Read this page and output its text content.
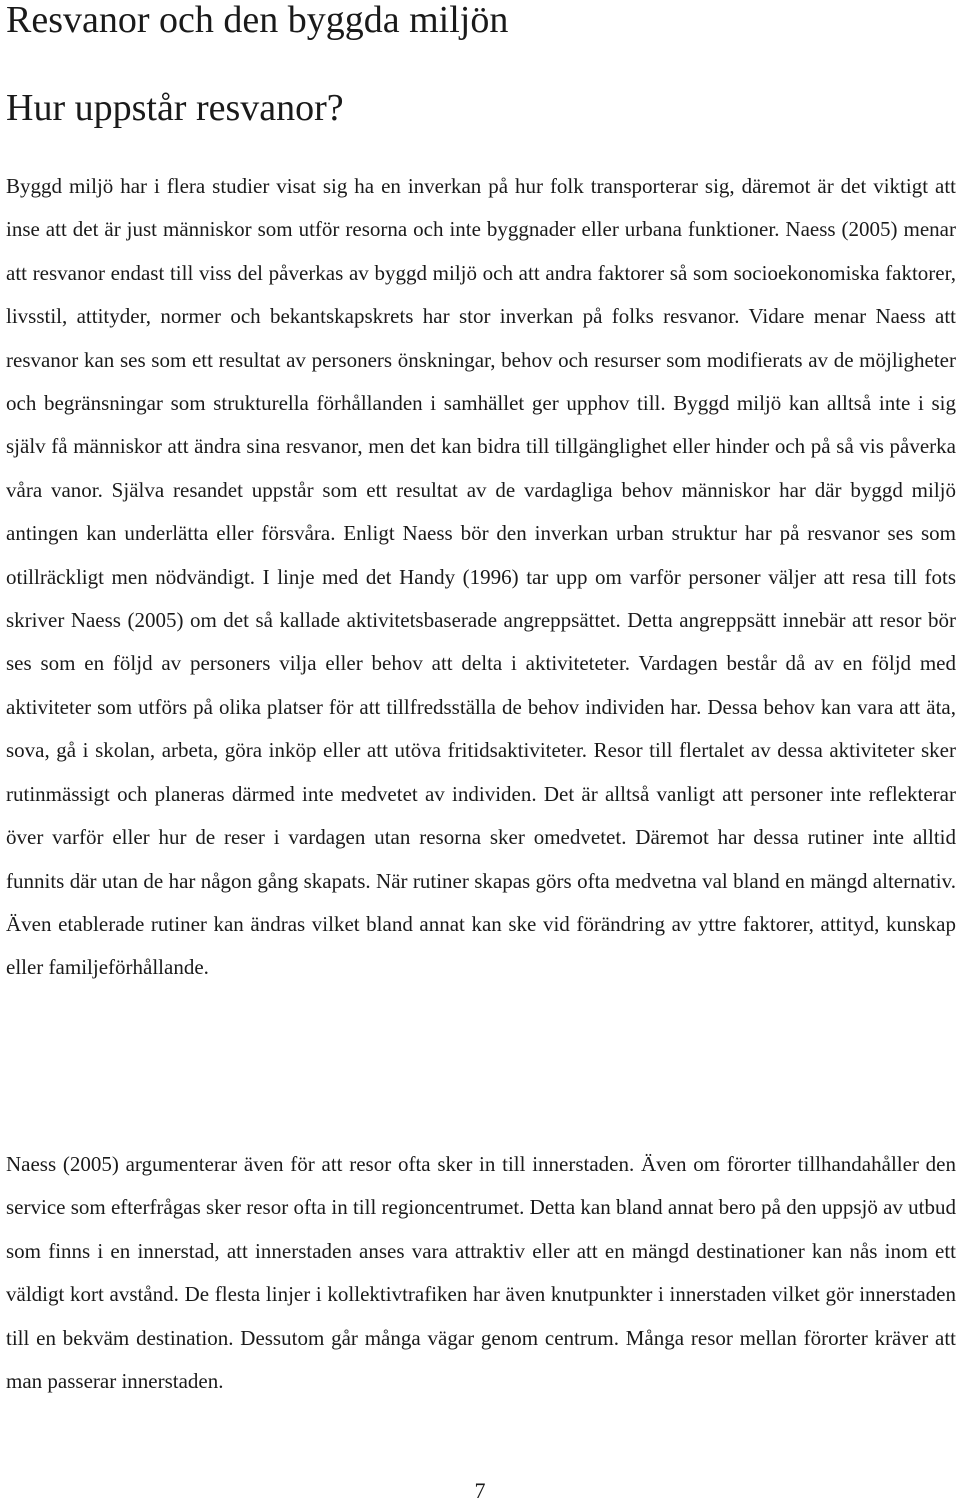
Resvanor och den byggda miljön
Hur uppstår resvanor?

Byggd miljö har i flera studier visat sig ha en inverkan på hur folk transporterar sig, däremot är det viktigt att inse att det är just människor som utför resorna och inte byggnader eller urbana funktioner. Naess (2005) menar att resvanor endast till viss del påverkas av byggd miljö och att andra faktorer så som socioekonomiska faktorer, livsstil, attityder, normer och bekantskapskrets har stor inverkan på folks resvanor. Vidare menar Naess att resvanor kan ses som ett resultat av personers önskningar, behov och resurser som modifierats av de möjligheter och begränsningar som strukturella förhållanden i samhället ger upphov till. Byggd miljö kan alltså inte i sig själv få människor att ändra sina resvanor, men det kan bidra till tillgänglighet eller hinder och på så vis påverka våra vanor. Själva resandet uppstår som ett resultat av de vardagliga behov människor har där byggd miljö antingen kan underlätta eller försvåra. Enligt Naess bör den inverkan urban struktur har på resvanor ses som otillräckligt men nödvändigt. I linje med det Handy (1996) tar upp om varför personer väljer att resa till fots skriver Naess (2005) om det så kallade aktivitetsbaserade angreppsättet. Detta angreppsätt innebär att resor bör ses som en följd av personers vilja eller behov att delta i aktiviteteter. Vardagen består då av en följd med aktiviteter som utförs på olika platser för att tillfredsställa de behov individen har. Dessa behov kan vara att äta, sova, gå i skolan, arbeta, göra inköp eller att utöva fritidsaktiviteter. Resor till flertalet av dessa aktiviteter sker rutinmässigt och planeras därmed inte medvetet av individen. Det är alltså vanligt att personer inte reflekterar över varför eller hur de reser i vardagen utan resorna sker omedvetet. Däremot har dessa rutiner inte alltid funnits där utan de har någon gång skapats. När rutiner skapas görs ofta medvetna val bland en mängd alternativ. Även etablerade rutiner kan ändras vilket bland annat kan ske vid förändring av yttre faktorer, attityd, kunskap eller familjeförhållande.

Naess (2005) argumenterar även för att resor ofta sker in till innerstaden. Även om förorter tillhandahåller den service som efterfrågas sker resor ofta in till regioncentrumet. Detta kan bland annat bero på den uppsjö av utbud som finns i en innerstad, att innerstaden anses vara attraktiv eller att en mängd destinationer kan nås inom ett väldigt kort avstånd. De flesta linjer i kollektivtrafiken har även knutpunkter i innerstaden vilket gör innerstaden till en bekväm destination. Dessutom går många vägar genom centrum. Många resor mellan förorter kräver att man passerar innerstaden.

7
